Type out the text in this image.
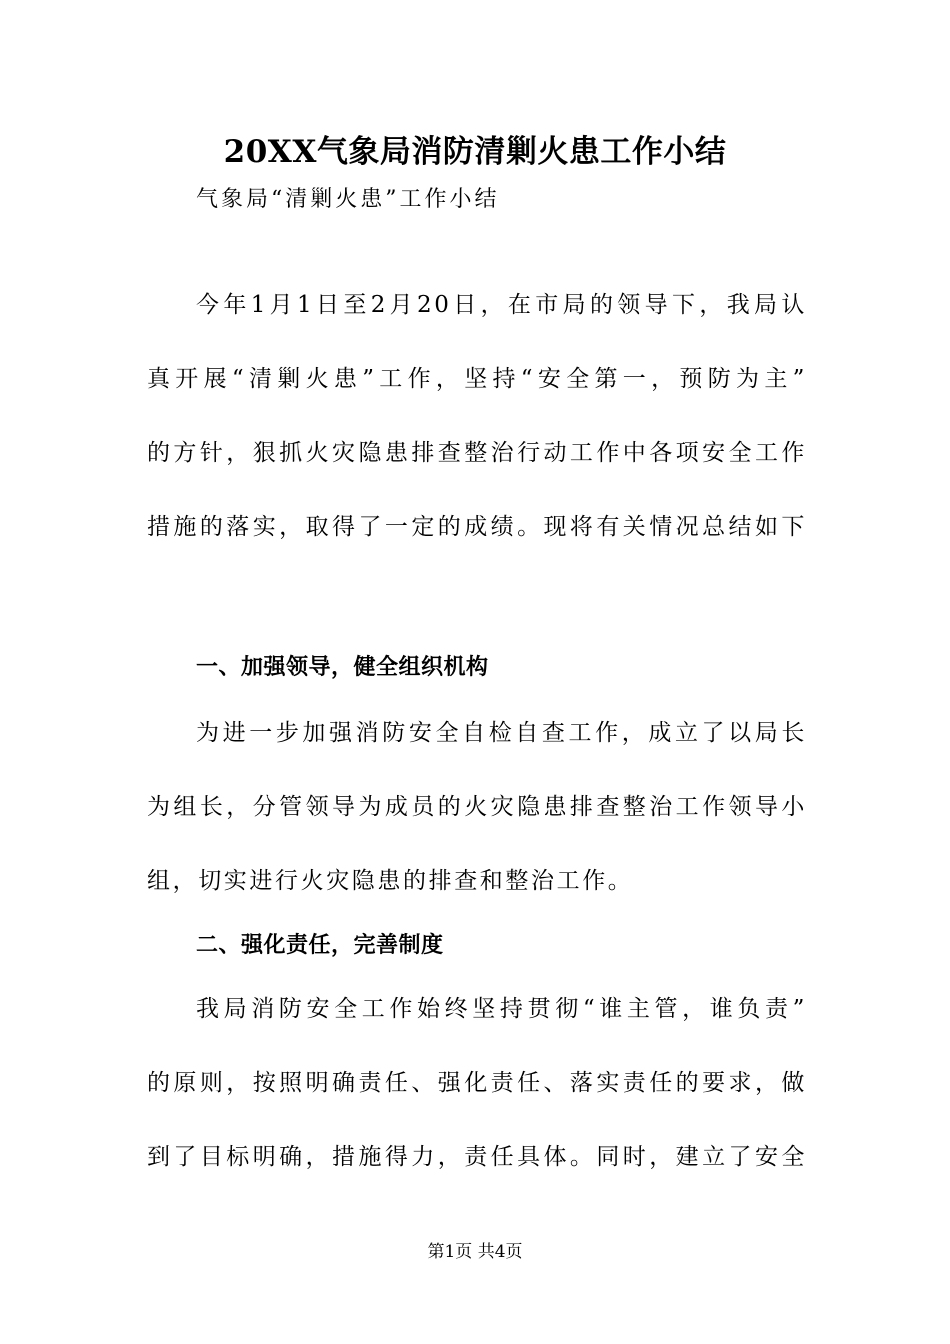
20XX气象局消防清剿火患工作小结
气象局“清剿火患”工作小结
今年1月1日至2月20日，在市局的领导下，我局认
真开展“清剿火患”工作，坚持“安全第一，预防为主”
的方针，狠抓火灾隐患排查整治行动工作中各项安全工作
措施的落实，取得了一定的成绩。现将有关情况总结如下
一、加强领导，健全组织机构
为进一步加强消防安全自检自查工作，成立了以局长
为组长，分管领导为成员的火灾隐患排查整治工作领导小
组，切实进行火灾隐患的排查和整治工作。
二、强化责任，完善制度
我局消防安全工作始终坚持贯彻“谁主管，谁负责”
的原则，按照明确责任、强化责任、落实责任的要求，做
到了目标明确，措施得力，责任具体。同时，建立了安全
第1页 共4页
